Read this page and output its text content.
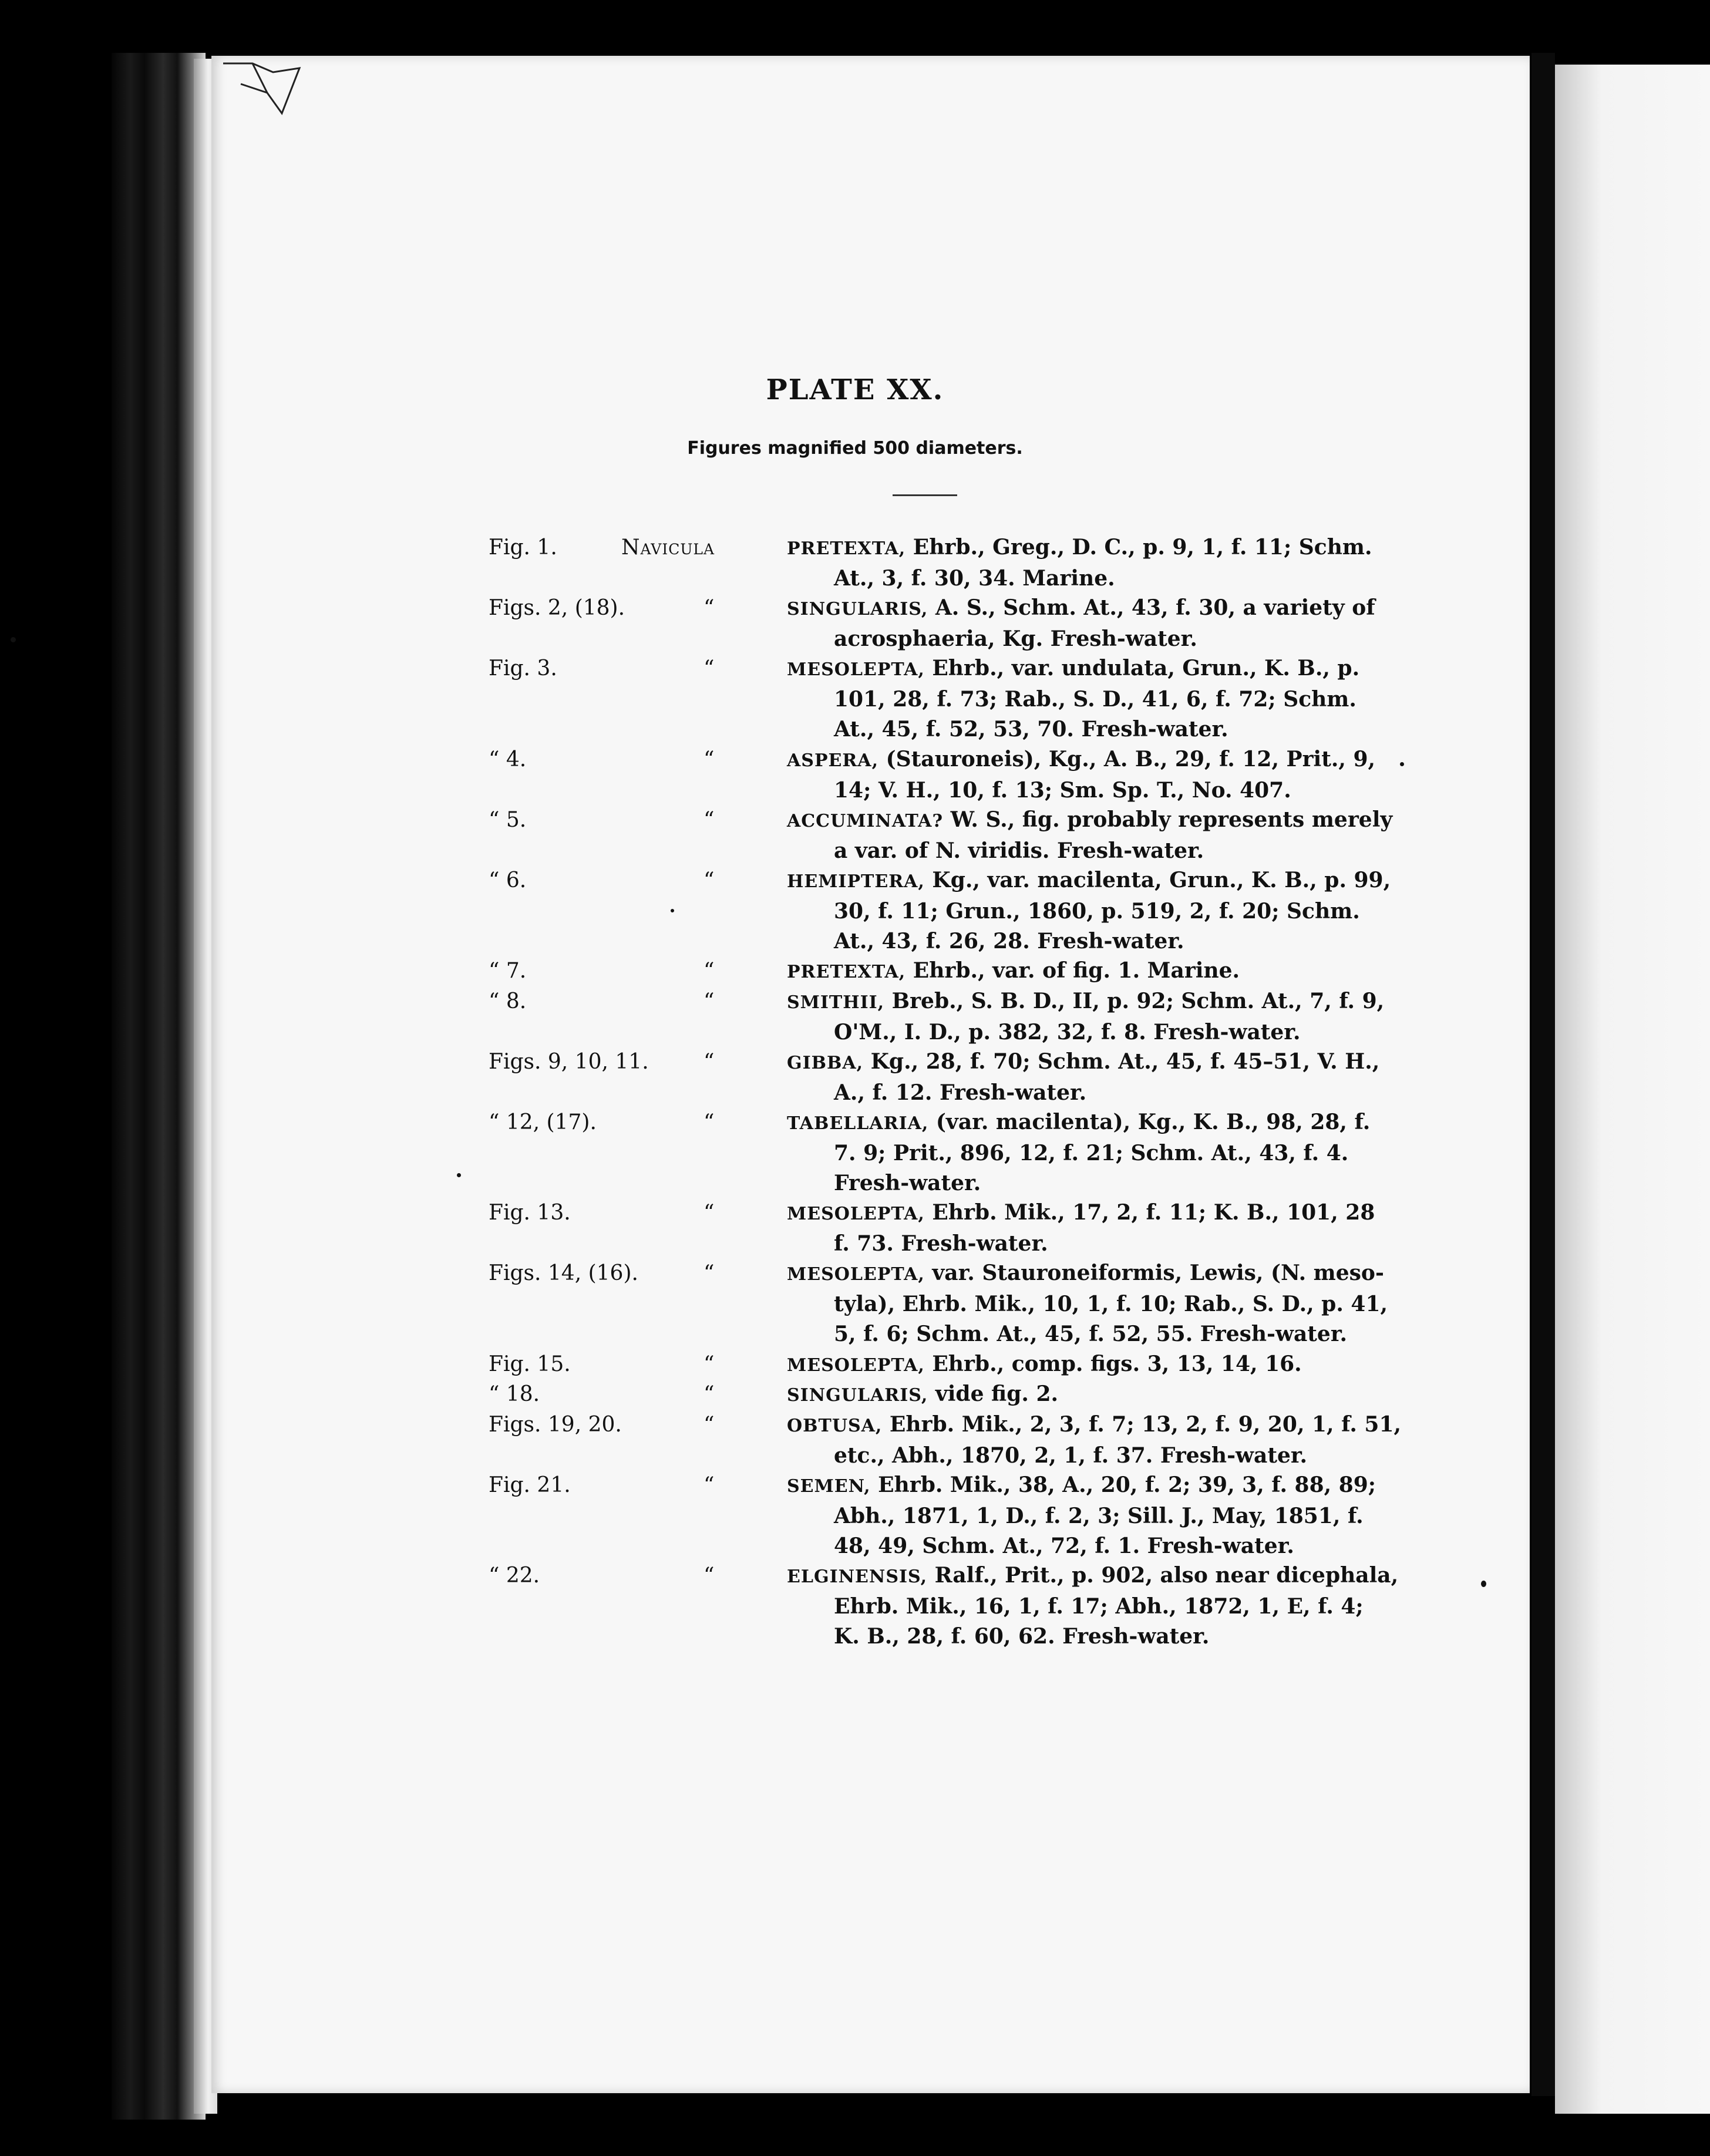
PLATE XX.
Figures magnified 500 diameters.
Fig. 1.	Navicula	PRETEXTA, Ehrb., Greg., D. C., p. 9, 1, f. 11; Schm.
At., 3, f. 30, 34. Marine.
Figs. 2, (18).	“	SINGULARIS, A. S., Schm. At., 43, f. 30, a variety of
acrosphaeria, Kg. Fresh-water.
Fig. 3.	“	MESOLEPTA, Ehrb., var. undulata, Grun., K. B., p.
101, 28, f. 73; Rab., S. D., 41, 6, f. 72; Schm.
At., 45, f. 52, 53, 70. Fresh-water.
“ 4.	“	ASPERA, (Stauroneis), Kg., A. B., 29, f. 12, Prit., 9,
14; V. H., 10, f. 13; Sm. Sp. T., No. 407.
“ 5.	“	ACCUMINATA? W. S., fig. probably represents merely
a var. of N. viridis. Fresh-water.
“ 6.	“	HEMIPTERA, Kg., var. macilenta, Grun., K. B., p. 99,
30, f. 11; Grun., 1860, p. 519, 2, f. 20; Schm.
At., 43, f. 26, 28. Fresh-water.
“ 7.	“	PRETEXTA, Ehrb., var. of fig. 1. Marine.
“ 8.	“	SMITHII, Breb., S. B. D., II, p. 92; Schm. At., 7, f. 9,
O'M., I. D., p. 382, 32, f. 8. Fresh-water.
Figs. 9, 10, 11.	“	GIBBA, Kg., 28, f. 70; Schm. At., 45, f. 45–51, V. H.,
A., f. 12. Fresh-water.
“ 12, (17).	“	TABELLARIA, (var. macilenta), Kg., K. B., 98, 28, f.
7. 9; Prit., 896, 12, f. 21; Schm. At., 43, f. 4.
Fresh-water.
Fig. 13.	“	MESOLEPTA, Ehrb. Mik., 17, 2, f. 11; K. B., 101, 28
f. 73. Fresh-water.
Figs. 14, (16).	“	MESOLEPTA, var. Stauroneiformis, Lewis, (N. meso-
tyla), Ehrb. Mik., 10, 1, f. 10; Rab., S. D., p. 41,
5, f. 6; Schm. At., 45, f. 52, 55. Fresh-water.
Fig. 15.	“	MESOLEPTA, Ehrb., comp. figs. 3, 13, 14, 16.
“ 18.	“	SINGULARIS, vide fig. 2.
Figs. 19, 20.	“	OBTUSA, Ehrb. Mik., 2, 3, f. 7; 13, 2, f. 9, 20, 1, f. 51,
etc., Abh., 1870, 2, 1, f. 37. Fresh-water.
Fig. 21.	“	SEMEN, Ehrb. Mik., 38, A., 20, f. 2; 39, 3, f. 88, 89;
Abh., 1871, 1, D., f. 2, 3; Sill. J., May, 1851, f.
48, 49, Schm. At., 72, f. 1. Fresh-water.
“ 22.	“	ELGINENSIS, Ralf., Prit., p. 902, also near dicephala,
Ehrb. Mik., 16, 1, f. 17; Abh., 1872, 1, E, f. 4;
K. B., 28, f. 60, 62. Fresh-water.
